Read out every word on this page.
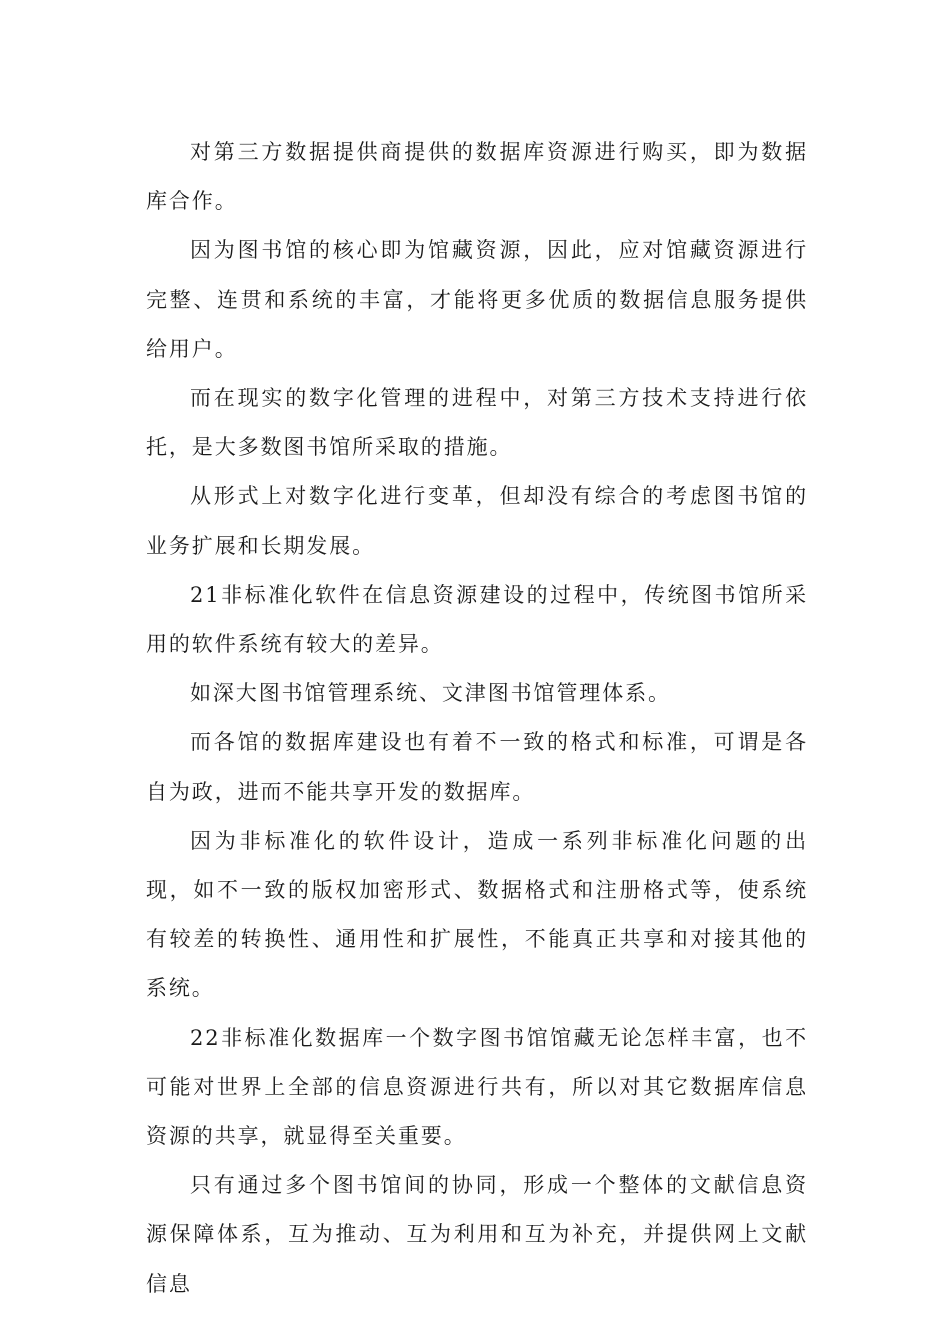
对第三方数据提供商提供的数据库资源进行购买，即为数据库合作。

因为图书馆的核心即为馆藏资源，因此，应对馆藏资源进行完整、连贯和系统的丰富，才能将更多优质的数据信息服务提供给用户。

而在现实的数字化管理的进程中，对第三方技术支持进行依托，是大多数图书馆所采取的措施。

从形式上对数字化进行变革，但却没有综合的考虑图书馆的业务扩展和长期发展。

21非标准化软件在信息资源建设的过程中，传统图书馆所采用的软件系统有较大的差异。

如深大图书馆管理系统、文津图书馆管理体系。

而各馆的数据库建设也有着不一致的格式和标准，可谓是各自为政，进而不能共享开发的数据库。

因为非标准化的软件设计，造成一系列非标准化问题的出现，如不一致的版权加密形式、数据格式和注册格式等，使系统有较差的转换性、通用性和扩展性，不能真正共享和对接其他的系统。

22非标准化数据库一个数字图书馆馆藏无论怎样丰富，也不可能对世界上全部的信息资源进行共有，所以对其它数据库信息资源的共享，就显得至关重要。

只有通过多个图书馆间的协同，形成一个整体的文献信息资源保障体系，互为推动、互为利用和互为补充，并提供网上文献信息
